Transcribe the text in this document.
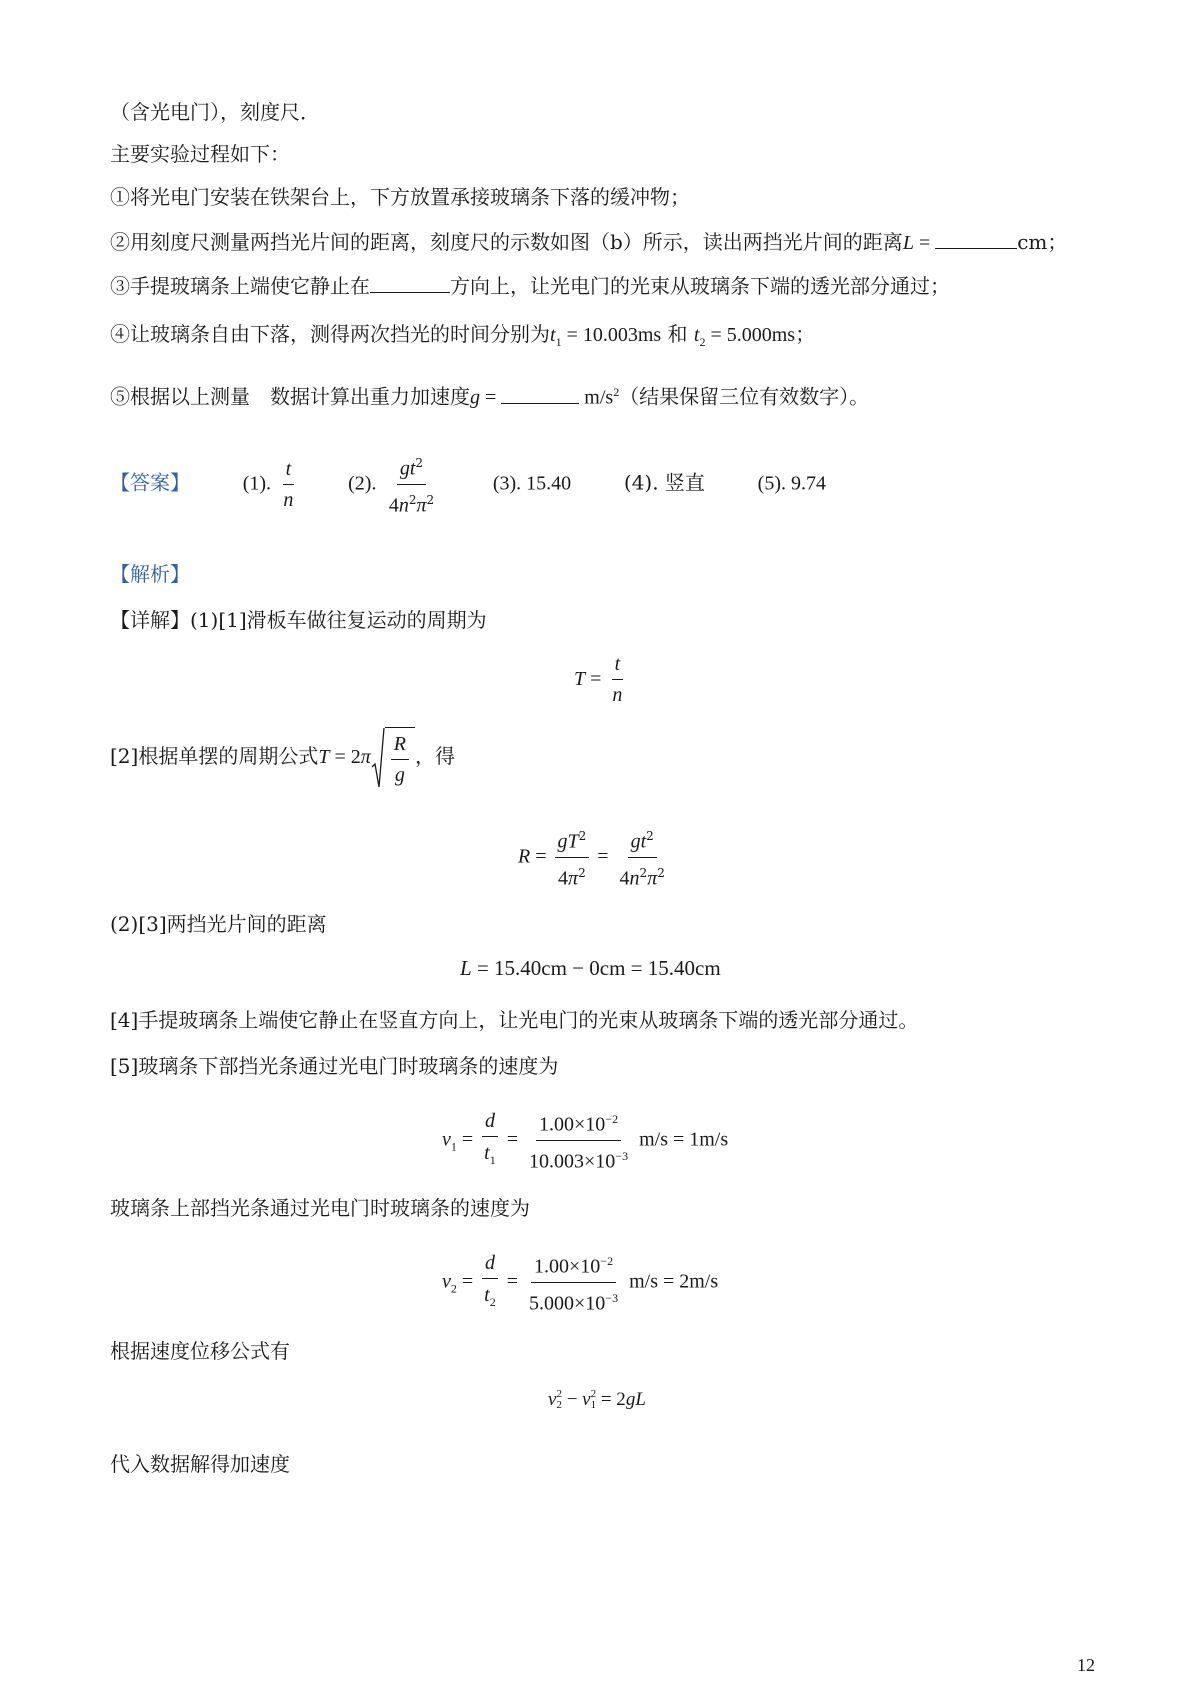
（含光电门），刻度尺．
主要实验过程如下：
①将光电门安装在铁架台上，下方放置承接玻璃条下落的缓冲物；
②用刻度尺测量两挡光片间的距离，刻度尺的示数如图（b）所示，读出两挡光片间的距离L =	cm；
③手提玻璃条上端使它静止在	方向上，让光电门的光束从玻璃条下端的透光部分通过；
④让玻璃条自由下落，测得两次挡光的时间分别为$t_1 = 10.003ms$ 和 $t_2 = 5.000ms$；
⑤根据以上测量　数据计算出重力加速度g =	$m/s^2$（结果保留三位有效数字）。
【答案】	(1). $\frac{t}{n}$	(2). $\frac{gt^2}{4n^2\pi^2}$	(3). 15.40	(4). 竖直	(5). 9.74
【解析】
【详解】(1)[1]滑板车做往复运动的周期为
$T = \frac{t}{n}$
[2]根据单摆的周期公式$T = 2\pi \frac{R}{g}$ ，得
$R = \frac{gT^2}{4\pi^2} = \frac{gt^2}{4n^2\pi^2}$
(2)[3]两挡光片间的距离
L = 15.40cm − 0cm = 15.40cm
[4]手提玻璃条上端使它静止在竖直方向上，让光电门的光束从玻璃条下端的透光部分通过。
[5]玻璃条下部挡光条通过光电门时玻璃条的速度为
$v_1 = \frac{d}{t_1} = \frac{1.00\times 10^{-2}}{10.003\times 10^{-3}} m/s = 1m/s$
玻璃条上部挡光条通过光电门时玻璃条的速度为
$v_2 = \frac{d}{t_2} = \frac{1.00\times 10^{-2}}{5.000\times 10^{-3}} m/s = 2m/s$
根据速度位移公式有
v 2
2 − v 2
1 = 2gL
代入数据解得加速度
12
